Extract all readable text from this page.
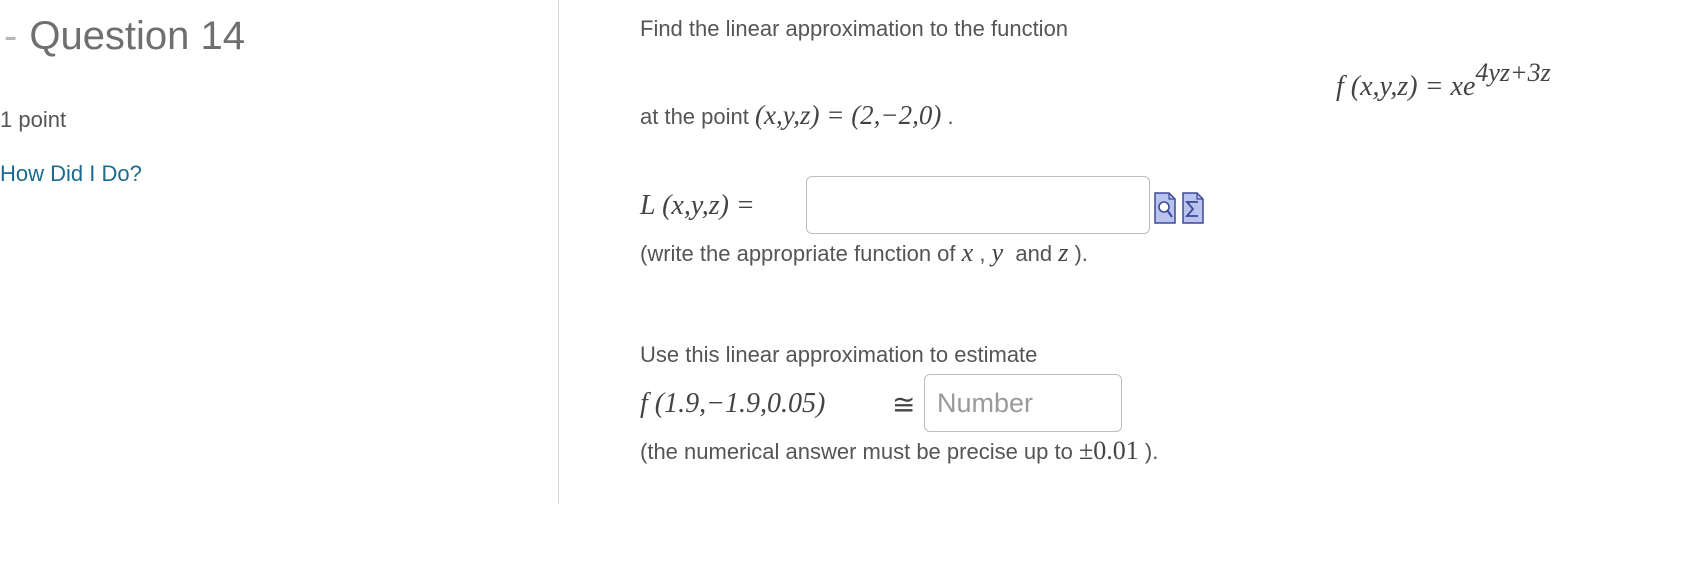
- Question 14
1 point
How Did I Do?
Find the linear approximation to the function
f $(x,y,z) = xe^{4yz+3z}$
at the point (x,y,z) = (2,−2,0) .
L (x,y,z) =
(write the appropriate function of x , y and z ).
Use this linear approximation to estimate
f (1.9,−1.9,0.05) ≅
Number
(the numerical answer must be precise up to ±0.01 ).
